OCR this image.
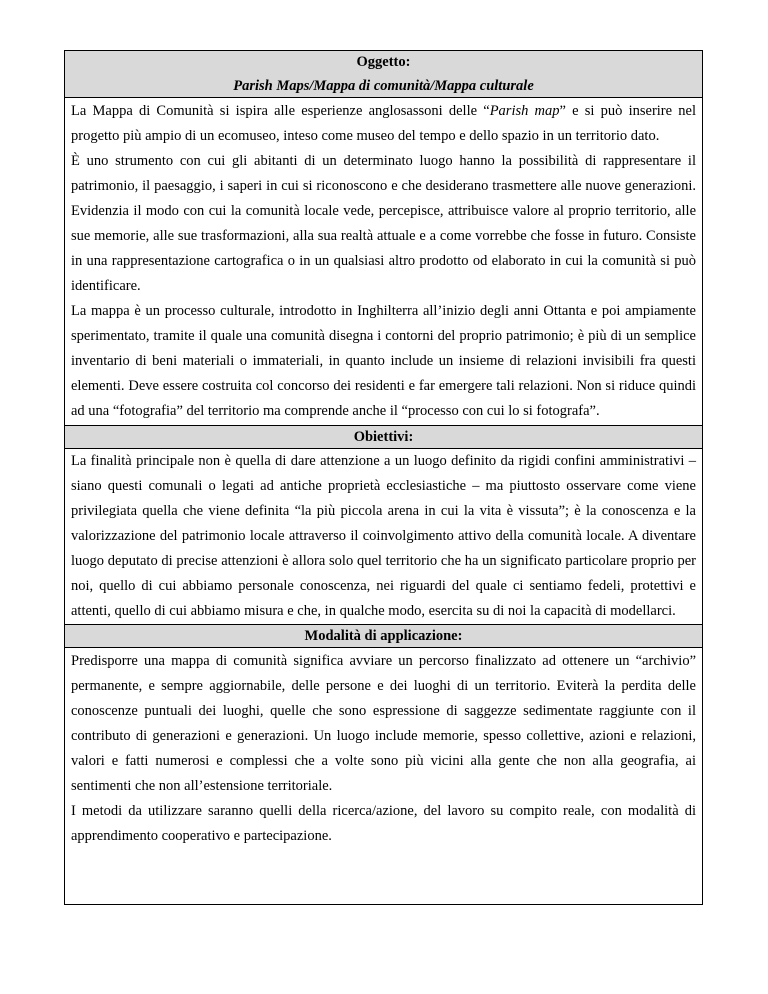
Oggetto:
Parish Maps/Mappa di comunità/Mappa culturale

La Mappa di Comunità si ispira alle esperienze anglosassoni delle “Parish map” e si può inserire nel progetto più ampio di un ecomuseo, inteso come museo del tempo e dello spazio in un territorio dato.

È uno strumento con cui gli abitanti di un determinato luogo hanno la possibilità di rappresentare il patrimonio, il paesaggio, i saperi in cui si riconoscono e che desiderano trasmettere alle nuove generazioni. Evidenzia il modo con cui la comunità locale vede, percepisce, attribuisce valore al proprio territorio, alle sue memorie, alle sue trasformazioni, alla sua realtà attuale e a come vorrebbe che fosse in futuro. Consiste in una rappresentazione cartografica o in un qualsiasi altro prodotto od elaborato in cui la comunità si può identificare.

La mappa è un processo culturale, introdotto in Inghilterra all’inizio degli anni Ottanta e poi ampiamente sperimentato, tramite il quale una comunità disegna i contorni del proprio patrimonio; è più di un semplice inventario di beni materiali o immateriali, in quanto include un insieme di relazioni invisibili fra questi elementi. Deve essere costruita col concorso dei residenti e far emergere tali relazioni. Non si riduce quindi ad una “fotografia” del territorio ma comprende anche il “processo con cui lo si fotografa”.

Obiettivi:

La finalità principale non è quella di dare attenzione a un luogo definito da rigidi confini amministrativi – siano questi comunali o legati ad antiche proprietà ecclesiastiche – ma piuttosto osservare come viene privilegiata quella che viene definita “la più piccola arena in cui la vita è vissuta”; è la conoscenza e la valorizzazione del patrimonio locale attraverso il coinvolgimento attivo della comunità locale. A diventare luogo deputato di precise attenzioni è allora solo quel territorio che ha un significato particolare proprio per noi, quello di cui abbiamo personale conoscenza, nei riguardi del quale ci sentiamo fedeli, protettivi e attenti, quello di cui abbiamo misura e che, in qualche modo, esercita su di noi la capacità di modellarci.

Modalità di applicazione:

Predisporre una mappa di comunità significa avviare un percorso finalizzato ad ottenere un “archivio” permanente, e sempre aggiornabile, delle persone e dei luoghi di un territorio. Eviterà la perdita delle conoscenze puntuali dei luoghi, quelle che sono espressione di saggezze sedimentate raggiunte con il contributo di generazioni e generazioni. Un luogo include memorie, spesso collettive, azioni e relazioni, valori e fatti numerosi e complessi che a volte sono più vicini alla gente che non alla geografia, ai sentimenti che non all’estensione territoriale.

I metodi da utilizzare saranno quelli della ricerca/azione, del lavoro su compito reale, con modalità di apprendimento cooperativo e partecipazione.
